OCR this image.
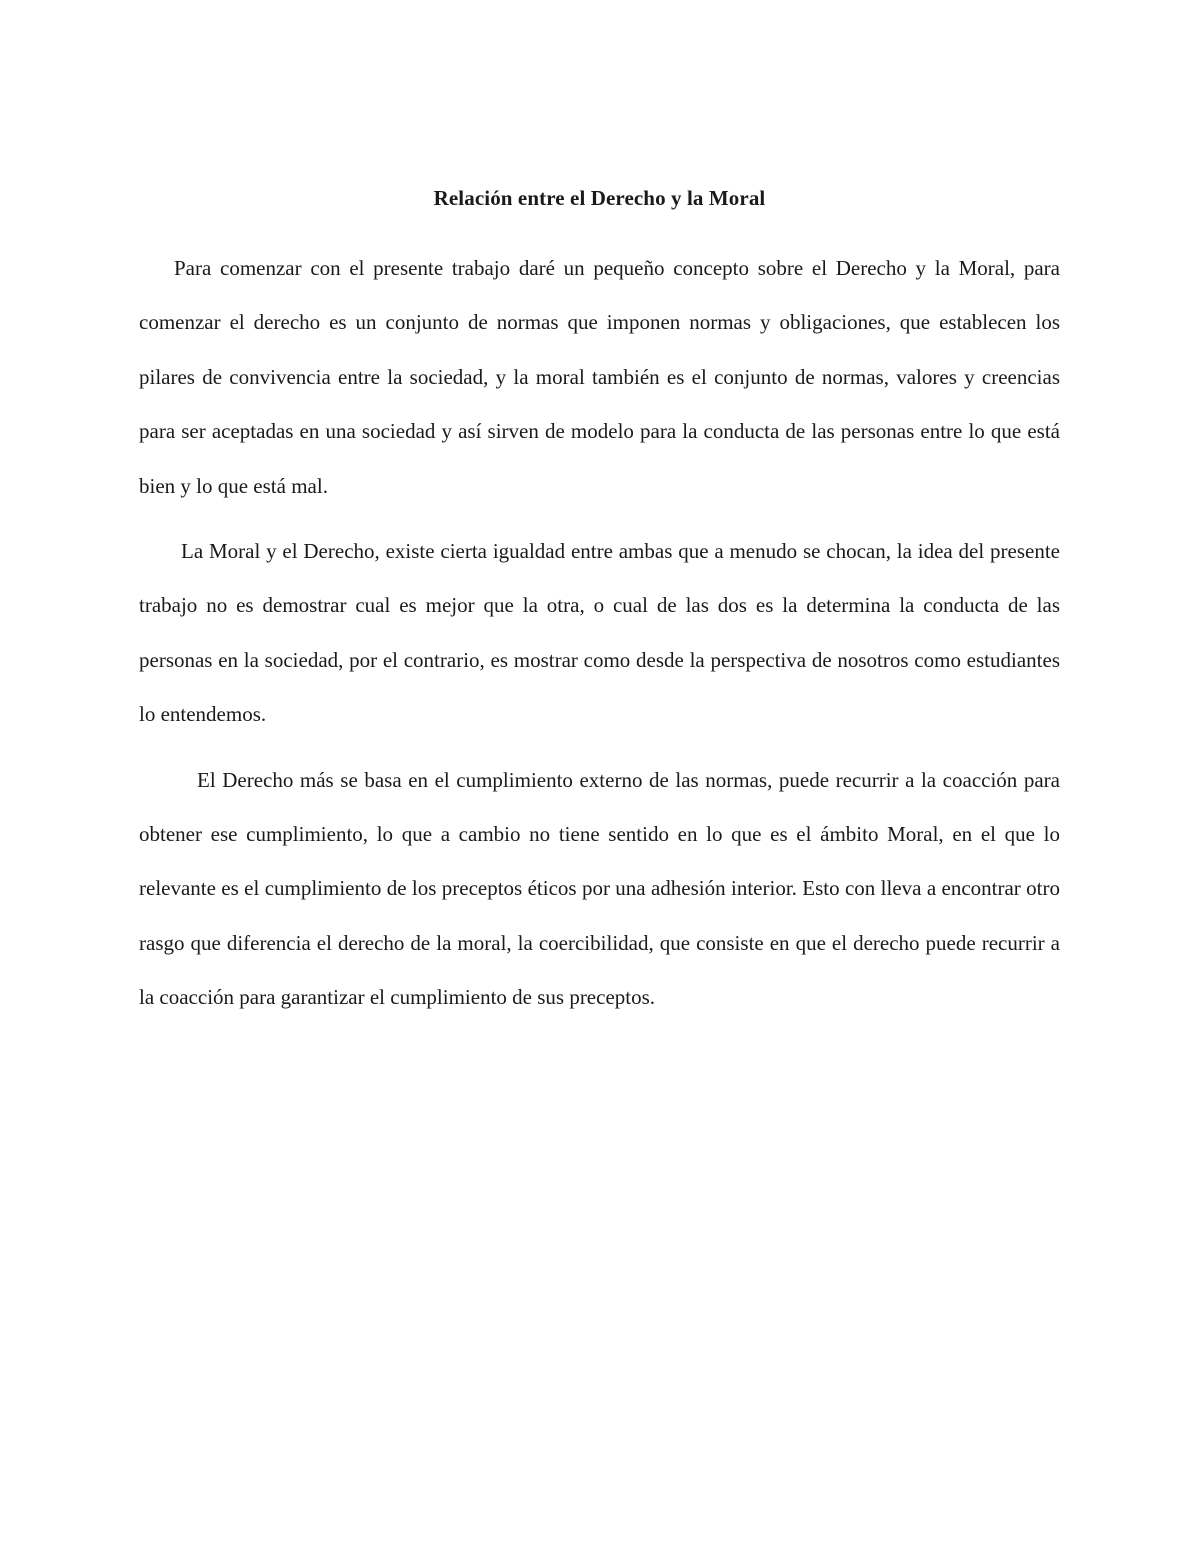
Relación entre el Derecho y la Moral

Para comenzar con el presente trabajo daré un pequeño concepto sobre el Derecho y la Moral, para comenzar el derecho es un conjunto de normas que imponen normas y obligaciones, que establecen los pilares de convivencia entre la sociedad, y la moral también es el conjunto de normas, valores y creencias para ser aceptadas en una sociedad y así sirven de modelo para la conducta de las personas entre lo que está bien y lo que está mal.

La Moral y el Derecho, existe cierta igualdad entre ambas que a menudo se chocan, la idea del presente trabajo no es demostrar cual es mejor que la otra, o cual de las dos es la determina la conducta de las personas en la sociedad, por el contrario, es mostrar como desde la perspectiva de nosotros como estudiantes lo entendemos.

El Derecho más se basa en el cumplimiento externo de las normas, puede recurrir a la coacción para obtener ese cumplimiento, lo que a cambio no tiene sentido en lo que es el ámbito Moral, en el que lo relevante es el cumplimiento de los preceptos éticos por una adhesión interior. Esto con lleva a encontrar otro rasgo que diferencia el derecho de la moral, la coercibilidad, que consiste en que el derecho puede recurrir a la coacción para garantizar el cumplimiento de sus preceptos.
